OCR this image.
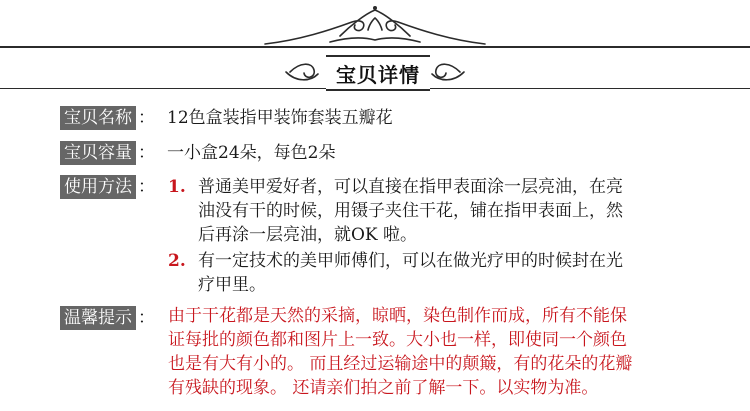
宝贝详情
宝贝名称 ： 12色盒装指甲装饰套装五瓣花
宝贝容量 ： 一小盒24朵，每色2朵
使用方法 ： 1. 普通美甲爱好者，可以直接在指甲表面涂一层亮油，在亮
油没有干的时候，用镊子夹住干花，铺在指甲表面上，然
后再涂一层亮油，就OK 啦。
2. 有一定技术的美甲师傅们，可以在做光疗甲的时候封在光
疗甲里。
温馨提示 ： 由于干花都是天然的采摘，晾晒，染色制作而成，所有不能保
证每批的颜色都和图片上一致。大小也一样，即使同一个颜色
也是有大有小的。 而且经过运输途中的颠簸，有的花朵的花瓣
有残缺的现象。 还请亲们拍之前了解一下。以实物为准。
